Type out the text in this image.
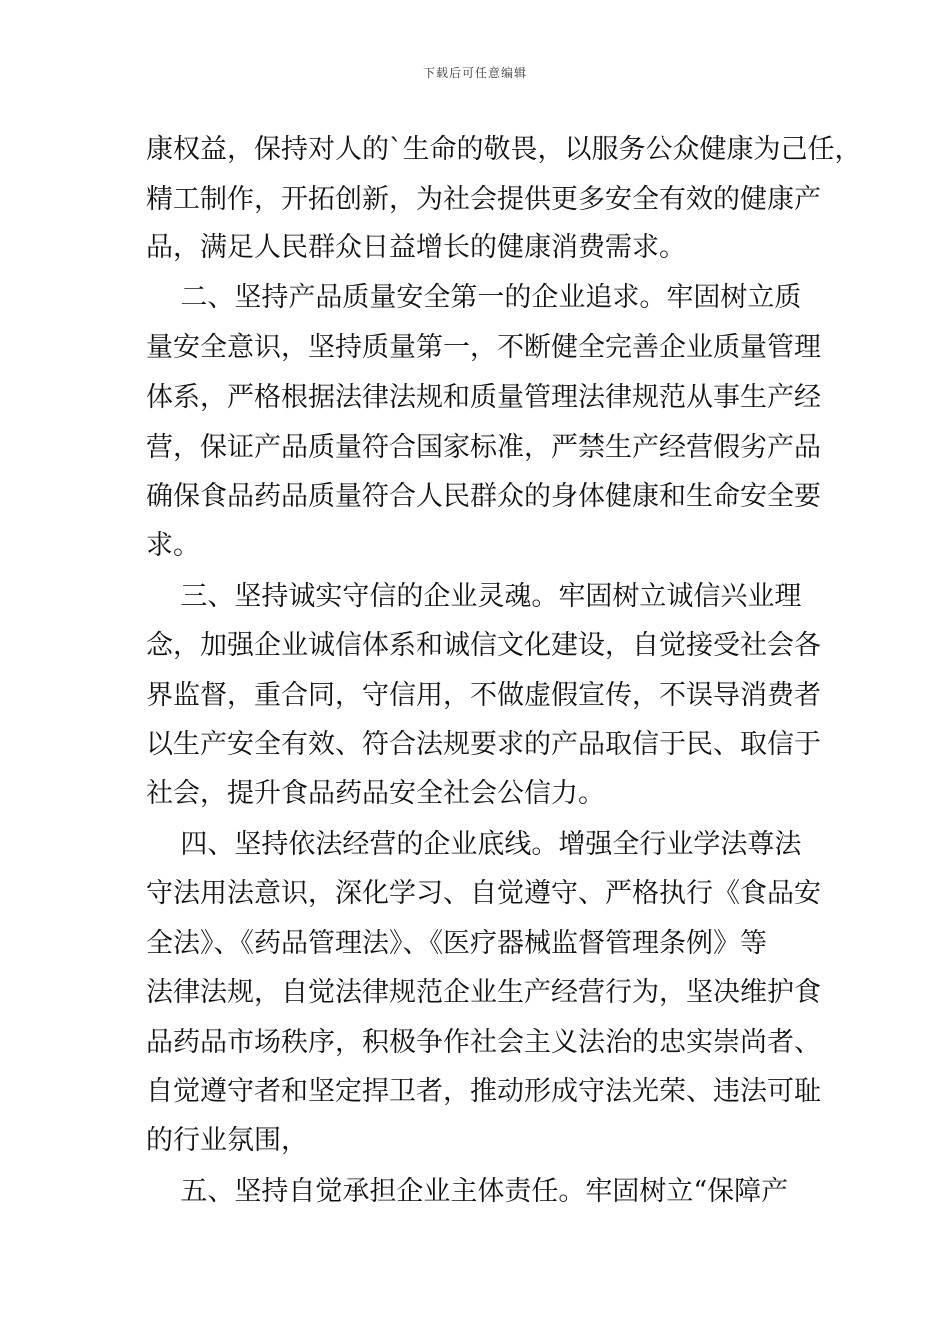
下载后可任意编辑
康权益，保持对人的`生命的敬畏，以服务公众健康为己任，
精工制作，开拓创新，为社会提供更多安全有效的健康产
品，满足人民群众日益增长的健康消费需求。
二、坚持产品质量安全第一的企业追求。牢固树立质
量安全意识，坚持质量第一，不断健全完善企业质量管理
体系，严格根据法律法规和质量管理法律规范从事生产经
营，保证产品质量符合国家标准，严禁生产经营假劣产品
确保食品药品质量符合人民群众的身体健康和生命安全要
求。
三、坚持诚实守信的企业灵魂。牢固树立诚信兴业理
念，加强企业诚信体系和诚信文化建设，自觉接受社会各
界监督，重合同，守信用，不做虚假宣传，不误导消费者
以生产安全有效、符合法规要求的产品取信于民、取信于
社会，提升食品药品安全社会公信力。
四、坚持依法经营的企业底线。增强全行业学法尊法
守法用法意识，深化学习、自觉遵守、严格执行《食品安
全法》、《药品管理法》、《医疗器械监督管理条例》等
法律法规，自觉法律规范企业生产经营行为，坚决维护食
品药品市场秩序，积极争作社会主义法治的忠实崇尚者、
自觉遵守者和坚定捍卫者，推动形成守法光荣、违法可耻
的行业氛围，
五、坚持自觉承担企业主体责任。牢固树立“保障产
